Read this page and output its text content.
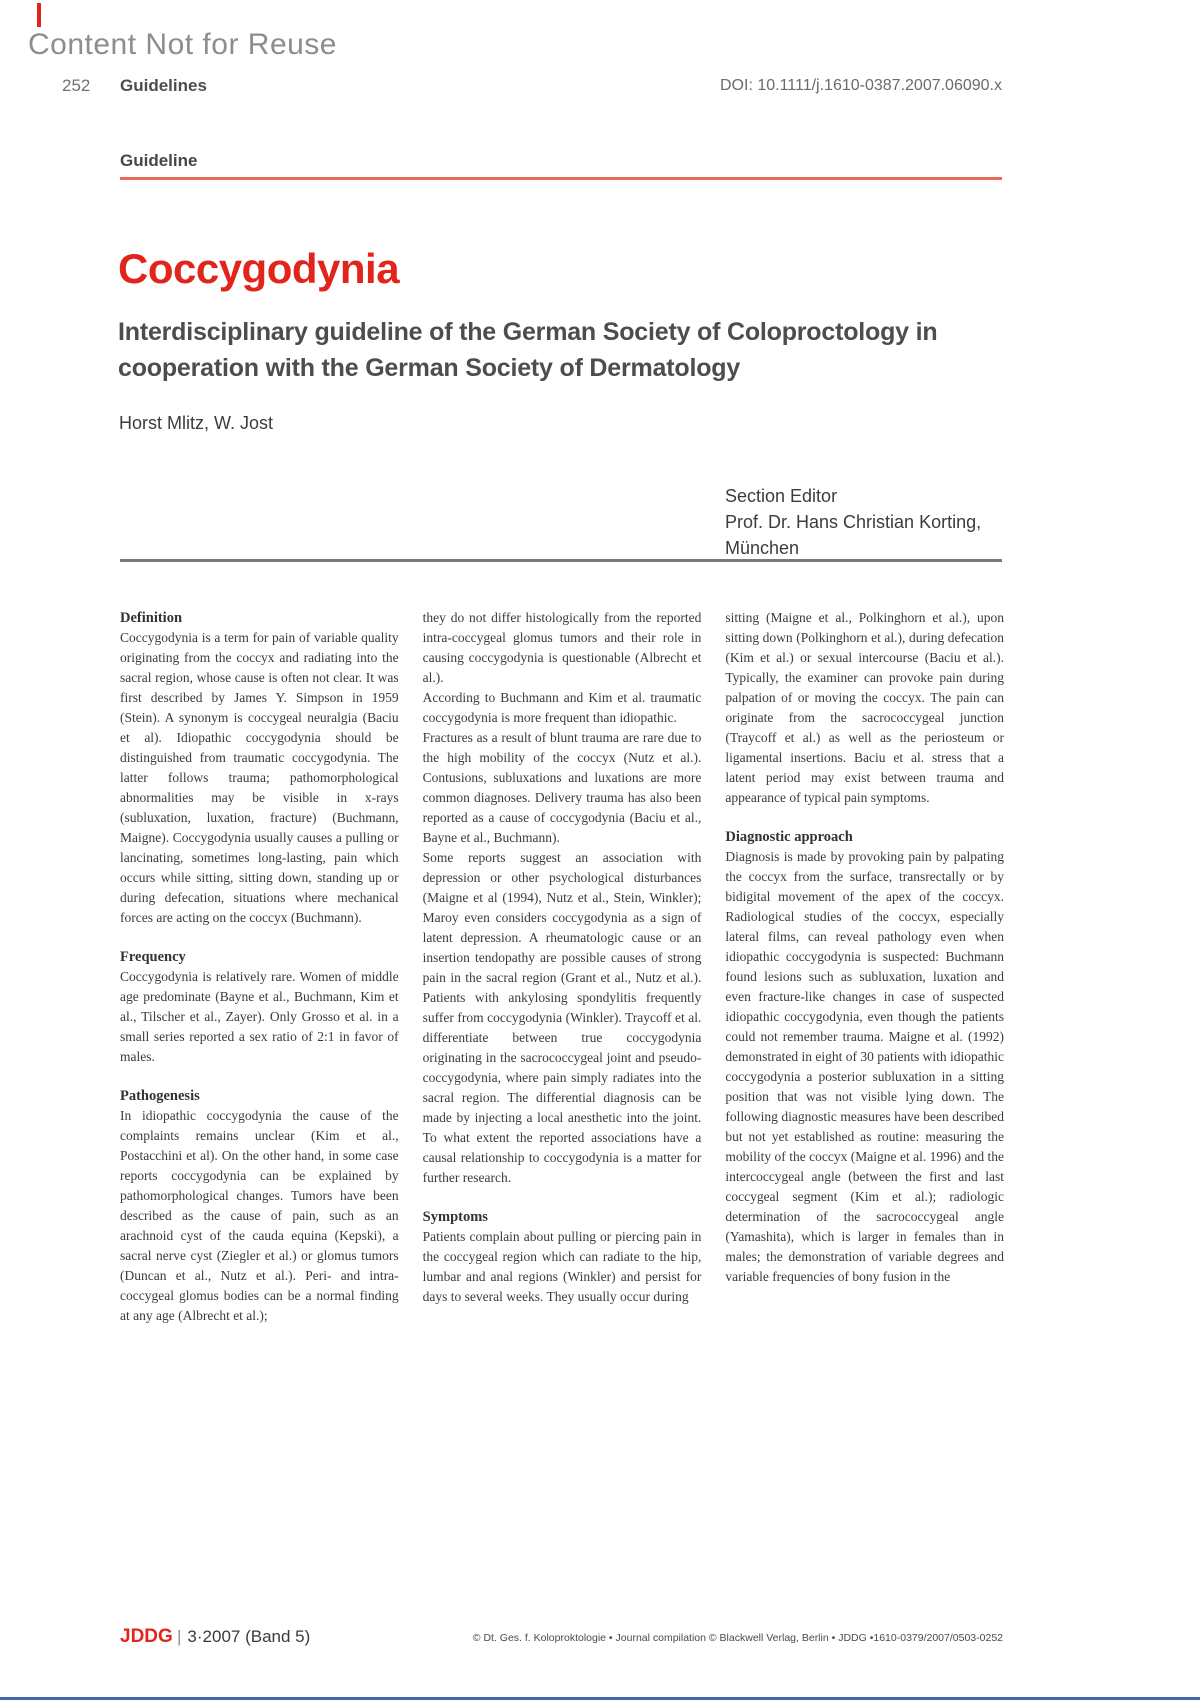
Content Not for Reuse
252 Guidelines	DOI: 10.1111/j.1610-0387.2007.06090.x
Guideline
Coccygodynia
Interdisciplinary guideline of the German Society of Coloproctology in cooperation with the German Society of Dermatology
Horst Mlitz, W. Jost
Section Editor
Prof. Dr. Hans Christian Korting,
München
Definition

Coccygodynia is a term for pain of variable quality originating from the coccyx and radiating into the sacral region, whose cause is often not clear. It was first described by James Y. Simpson in 1959 (Stein). A synonym is coccygeal neuralgia (Baciu et al). Idiopathic coccygodynia should be distinguished from traumatic coccygodynia. The latter follows trauma; pathomorphological abnormalities may be visible in x-rays (subluxation, luxation, fracture) (Buchmann, Maigne). Coccygodynia usually causes a pulling or lancinating, sometimes long-lasting, pain which occurs while sitting, sitting down, standing up or during defecation, situations where mechanical forces are acting on the coccyx (Buchmann).

Frequency

Coccygodynia is relatively rare. Women of middle age predominate (Bayne et al., Buchmann, Kim et al., Tilscher et al., Zayer). Only Grosso et al. in a small series reported a sex ratio of 2:1 in favor of males.

Pathogenesis

In idiopathic coccygodynia the cause of the complaints remains unclear (Kim et al., Postacchini et al). On the other hand, in some case reports coccygodynia can be explained by pathomorphological changes. Tumors have been described as the cause of pain, such as an arachnoid cyst of the cauda equina (Kepski), a sacral nerve cyst (Ziegler et al.) or glomus tumors (Duncan et al., Nutz et al.). Peri- and intra-coccygeal glomus bodies can be a normal finding at any age (Albrecht et al.);

they do not differ histologically from the reported intra-coccygeal glomus tumors and their role in causing coccygodynia is questionable (Albrecht et al.).

According to Buchmann and Kim et al. traumatic coccygodynia is more frequent than idiopathic.

Fractures as a result of blunt trauma are rare due to the high mobility of the coccyx (Nutz et al.). Contusions, subluxations and luxations are more common diagnoses. Delivery trauma has also been reported as a cause of coccygodynia (Baciu et al., Bayne et al., Buchmann).

Some reports suggest an association with depression or other psychological disturbances (Maigne et al (1994), Nutz et al., Stein, Winkler); Maroy even considers coccygodynia as a sign of latent depression. A rheumatologic cause or an insertion tendopathy are possible causes of strong pain in the sacral region (Grant et al., Nutz et al.). Patients with ankylosing spondylitis frequently suffer from coccygodynia (Winkler). Traycoff et al. differentiate between true coccygodynia originating in the sacrococcygeal joint and pseudo-coccygodynia, where pain simply radiates into the sacral region. The differential diagnosis can be made by injecting a local anesthetic into the joint. To what extent the reported associations have a causal relationship to coccygodynia is a matter for further research.

Symptoms

Patients complain about pulling or piercing pain in the coccygeal region which can radiate to the hip, lumbar and anal regions (Winkler) and persist for days to several weeks. They usually occur during

sitting (Maigne et al., Polkinghorn et al.), upon sitting down (Polkinghorn et al.), during defecation (Kim et al.) or sexual intercourse (Baciu et al.). Typically, the examiner can provoke pain during palpation of or moving the coccyx. The pain can originate from the sacrococcygeal junction (Traycoff et al.) as well as the periosteum or ligamental insertions. Baciu et al. stress that a latent period may exist between trauma and appearance of typical pain symptoms.

Diagnostic approach

Diagnosis is made by provoking pain by palpating the coccyx from the surface, transrectally or by bidigital movement of the apex of the coccyx. Radiological studies of the coccyx, especially lateral films, can reveal pathology even when idiopathic coccygodynia is suspected: Buchmann found lesions such as subluxation, luxation and even fracture-like changes in case of suspected idiopathic coccygodynia, even though the patients could not remember trauma. Maigne et al. (1992) demonstrated in eight of 30 patients with idiopathic coccygodynia a posterior subluxation in a sitting position that was not visible lying down. The following diagnostic measures have been described but not yet established as routine: measuring the mobility of the coccyx (Maigne et al. 1996) and the intercoccygeal angle (between the first and last coccygeal segment (Kim et al.); radiologic determination of the sacrococcygeal angle (Yamashita), which is larger in females than in males; the demonstration of variable degrees and variable frequencies of bony fusion in the

JDDG | 3·2007 (Band 5)	© Dt. Ges. f. Koloproktologie • Journal compilation © Blackwell Verlag, Berlin • JDDG •1610-0379/2007/0503-0252
